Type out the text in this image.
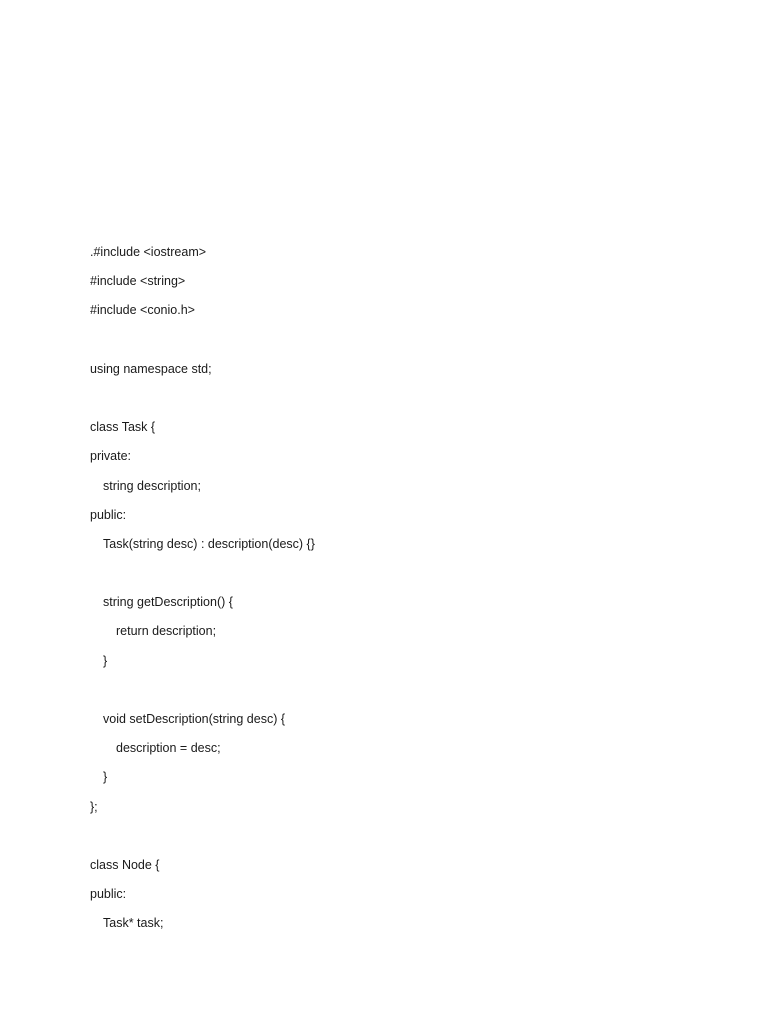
.#include <iostream>
#include <string>
#include <conio.h>
using namespace std;
class Task {
private:
string description;
public:
Task(string desc) : description(desc) {}
string getDescription() {
return description;
}
void setDescription(string desc) {
description = desc;
}
};
class Node {
public:
Task* task;
